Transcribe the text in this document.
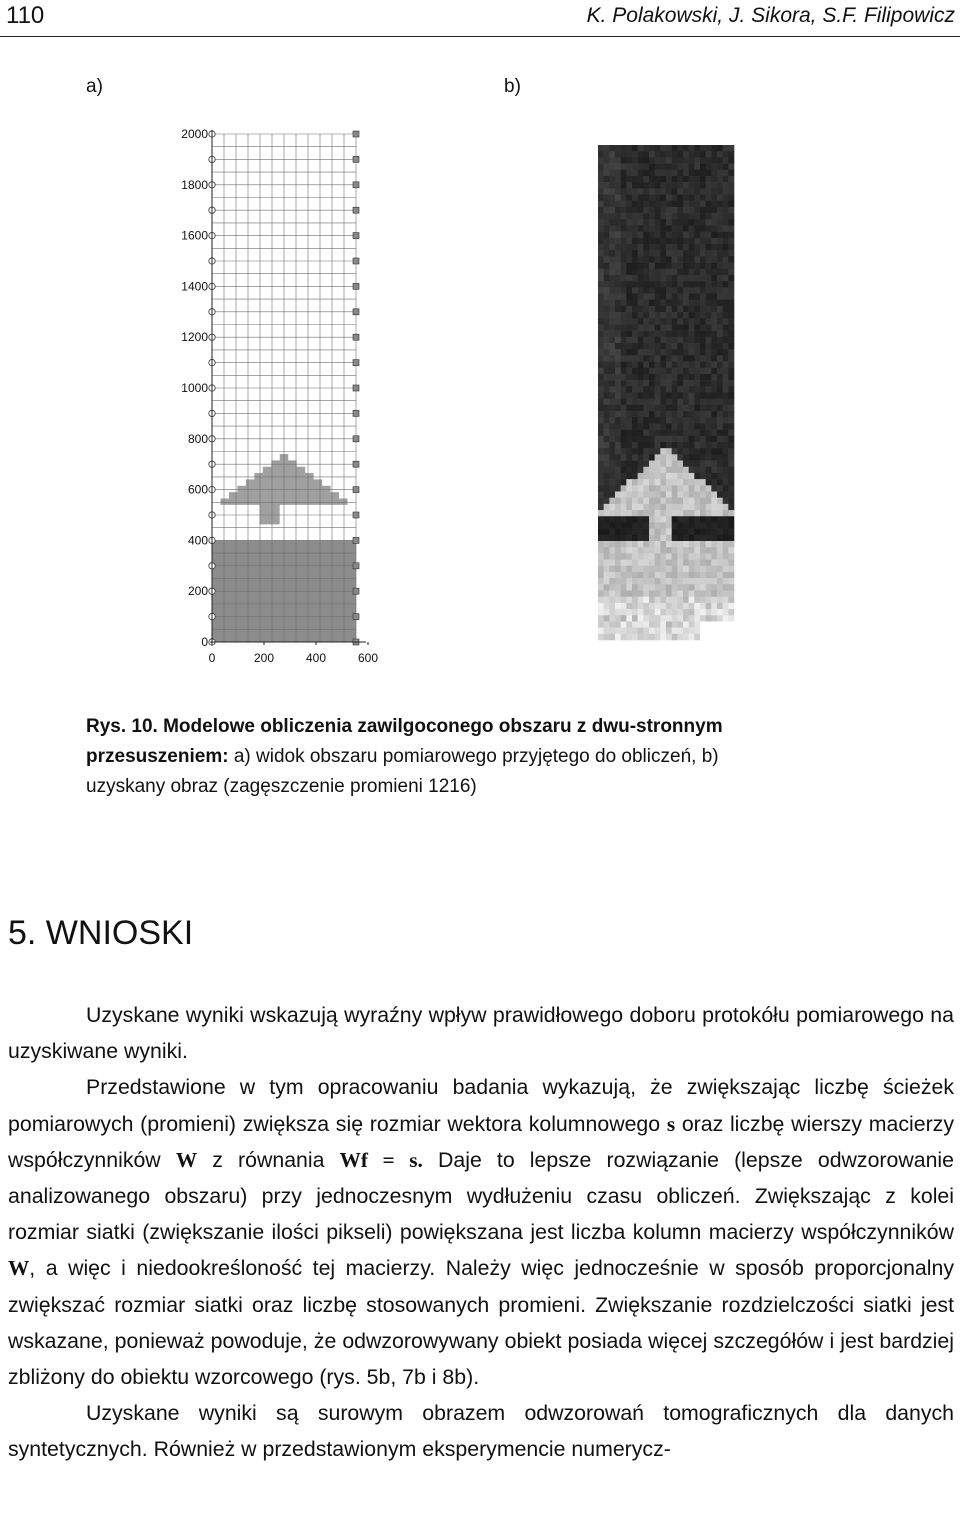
110	K. Polakowski, J. Sikora, S.F. Filipowicz
a)	b)
0
200
400
600
800
1000
1200
1400
1600
1800
2000
0	200	400	600
Rys. 10. Modelowe obliczenia zawilgoconego obszaru z dwu-stronnym przesuszeniem: a) widok obszaru pomiarowego przyjętego do obliczeń, b) uzyskany obraz (zagęszczenie promieni 1216)
5. WNIOSKI

Uzyskane wyniki wskazują wyraźny wpływ prawidłowego doboru protokółu pomiarowego na uzyskiwane wyniki.

Przedstawione w tym opracowaniu badania wykazują, że zwiększając liczbę ścieżek pomiarowych (promieni) zwiększa się rozmiar wektora kolumnowego s oraz liczbę wierszy macierzy współczynników W z równania Wf = s. Daje to lepsze rozwiązanie (lepsze odwzorowanie analizowanego obszaru) przy jednoczesnym wydłużeniu czasu obliczeń. Zwiększając z kolei rozmiar siatki (zwiększanie ilości pikseli) powiększana jest liczba kolumn macierzy współczynników W, a więc i niedookreśloność tej macierzy. Należy więc jednocześnie w sposób proporcjonalny zwiększać rozmiar siatki oraz liczbę stosowanych promieni. Zwiększanie rozdzielczości siatki jest wskazane, ponieważ powoduje, że odwzorowywany obiekt posiada więcej szczegółów i jest bardziej zbliżony do obiektu wzorcowego (rys. 5b, 7b i 8b).

Uzyskane wyniki są surowym obrazem odwzorowań tomograficznych dla danych syntetycznych. Również w przedstawionym eksperymencie numerycz-
